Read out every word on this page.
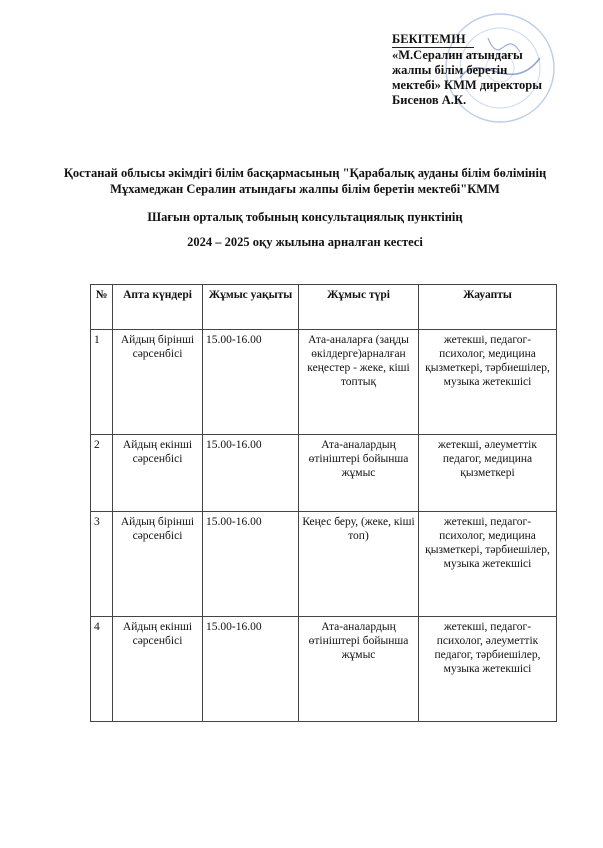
БЕКІТЕМІН
«М.Сералин атындағы
жалпы білім беретін
мектебі» КММ директоры
Бисенов А.К.

Қостанай облысы әкімдігі білім басқармасының "Қарабалық ауданы білім бөлімінің Мұхамеджан Сералин атындағы жалпы білім беретін мектебі"КММ

Шағын орталық тобының консультациялық пунктінің
2024 – 2025 оқу жылына арналған кестесі
№	Апта күндері	Жұмыс уақыты	Жұмыс түрі	Жауапты
1	Айдың бірінші сәрсенбісі	15.00-16.00	Ата-аналарға (заңды өкілдерге)арналған кеңестер - жеке, кіші топтық	жетекші, педагог-психолог, медицина қызметкері, тәрбиешілер, музыка жетекшісі
2	Айдың екінші сәрсенбісі	15.00-16.00	Ата-аналардың өтініштері бойынша жұмыс	жетекші, әлеуметтік педагог, медицина қызметкері
3	Айдың бірінші сәрсенбісі	15.00-16.00	Кеңес беру, (жеке, кіші топ)	жетекші, педагог-психолог, медицина қызметкері, тәрбиешілер, музыка жетекшісі
4	Айдың екінші сәрсенбісі	15.00-16.00	Ата-аналардың өтініштері бойынша жұмыс	жетекші, педагог-психолог, әлеуметтік педагог, тәрбиешілер, музыка жетекшісі
